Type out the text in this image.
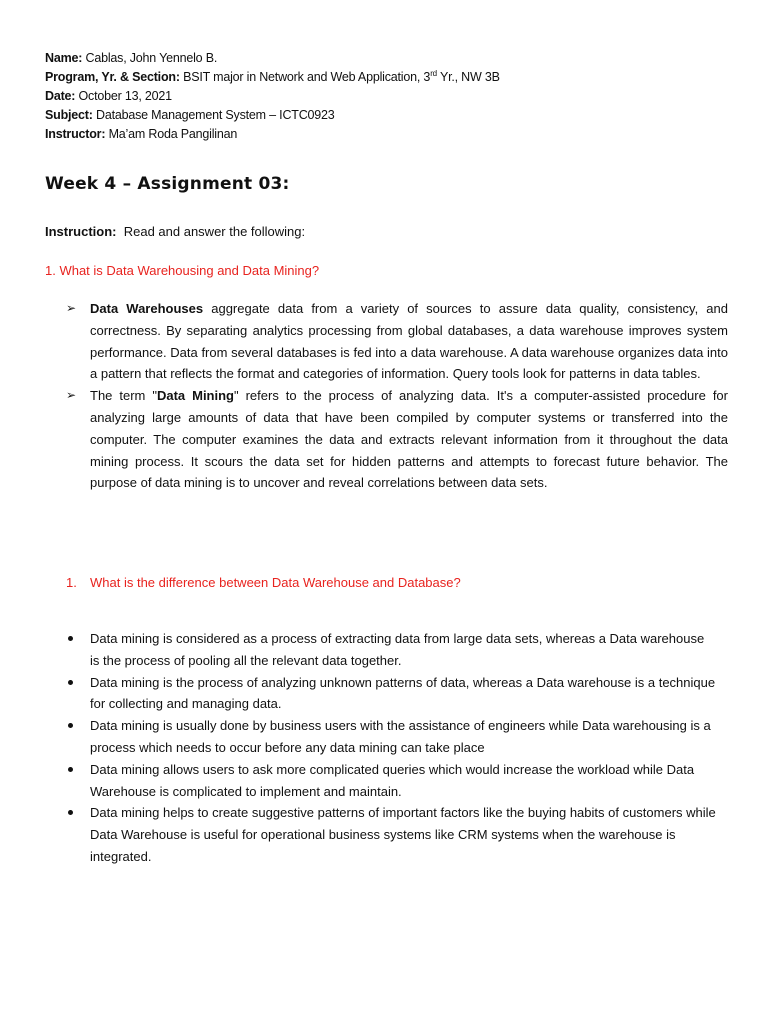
Name: Cablas, John Yennelo B.
Program, Yr. & Section: BSIT major in Network and Web Application, 3rd Yr., NW 3B
Date: October 13, 2021
Subject: Database Management System – ICTC0923
Instructor: Ma’am Roda Pangilinan
Week 4 – Assignment 03:
Instruction:  Read and answer the following:

1. What is Data Warehousing and Data Mining?

➢	Data Warehouses aggregate data from a variety of sources to assure data quality, consistency, and correctness. By separating analytics processing from global databases, a data warehouse improves system performance. Data from several databases is fed into a data warehouse. A data warehouse organizes data into a pattern that reflects the format and categories of information. Query tools look for patterns in data tables.
➢	The term "Data Mining" refers to the process of analyzing data. It's a computer-assisted procedure for analyzing large amounts of data that have been compiled by computer systems or transferred into the computer. The computer examines the data and extracts relevant information from it throughout the data mining process. It scours the data set for hidden patterns and attempts to forecast future behavior. The purpose of data mining is to uncover and reveal correlations between data sets.

1. What is the difference between Data Warehouse and Database?

Data mining is considered as a process of extracting data from large data sets, whereas a Data warehouse is the process of pooling all the relevant data together.
Data mining is the process of analyzing unknown patterns of data, whereas a Data warehouse is a technique for collecting and managing data.
Data mining is usually done by business users with the assistance of engineers while Data warehousing is a process which needs to occur before any data mining can take place
Data mining allows users to ask more complicated queries which would increase the workload while Data Warehouse is complicated to implement and maintain.
Data mining helps to create suggestive patterns of important factors like the buying habits of customers while Data Warehouse is useful for operational business systems like CRM systems when the warehouse is integrated.
